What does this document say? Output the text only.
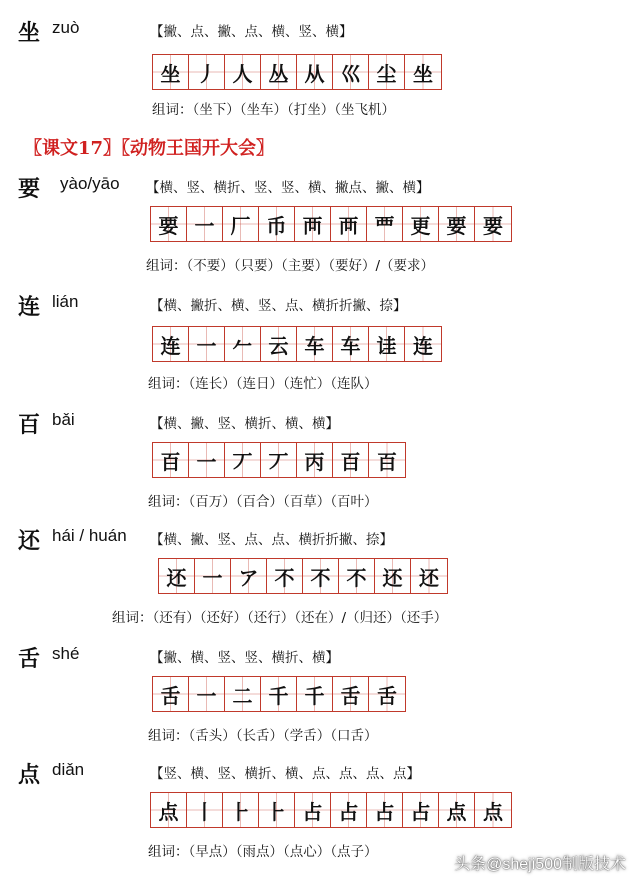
坐 zuò	【撇、点、撇、点、横、竖、横】
坐 丿 人 丛 从 巛 尘 坐
组词：（坐下）（坐车）（打坐）（坐飞机）
〖课文17〗〖动物王国开大会〗
要 yào/yāo 【横、竖、横折、竖、竖、横、撇点、撇、横】
要 一 厂 币 襾 襾 覀 更 要 要
组词：（不要）（只要）（主要）（要好）/（要求）
连 lián	【横、撇折、横、竖、点、横折折撇、捺】
连 一 𠂉 云 车 车 诖 连
组词：（连长）（连日）（连忙）（连队）
百 bǎi	【横、撇、竖、横折、横、横】
百 一 丆 丆 丙 百 百
组词：（百万）（百合）（百草）（百叶）
还 hái / huán 【横、撇、竖、点、点、横折折撇、捺】
还 一 ア 不 不 不 还 还
组词：（还有）（还好）（还行）（还在）/（归还）（还手）
舌 shé	【撇、横、竖、竖、横折、横】
舌 一 二 千 千 舌 舌
组词：（舌头）（长舌）（学舌）（口舌）
点 diǎn	【竖、横、竖、横折、横、点、点、点、点】
点 丨 ⺊ ⺊ 占 占 占 占 点 点
组词：（早点）（雨点）（点心）（点子）
头条@sheji500制版技术
